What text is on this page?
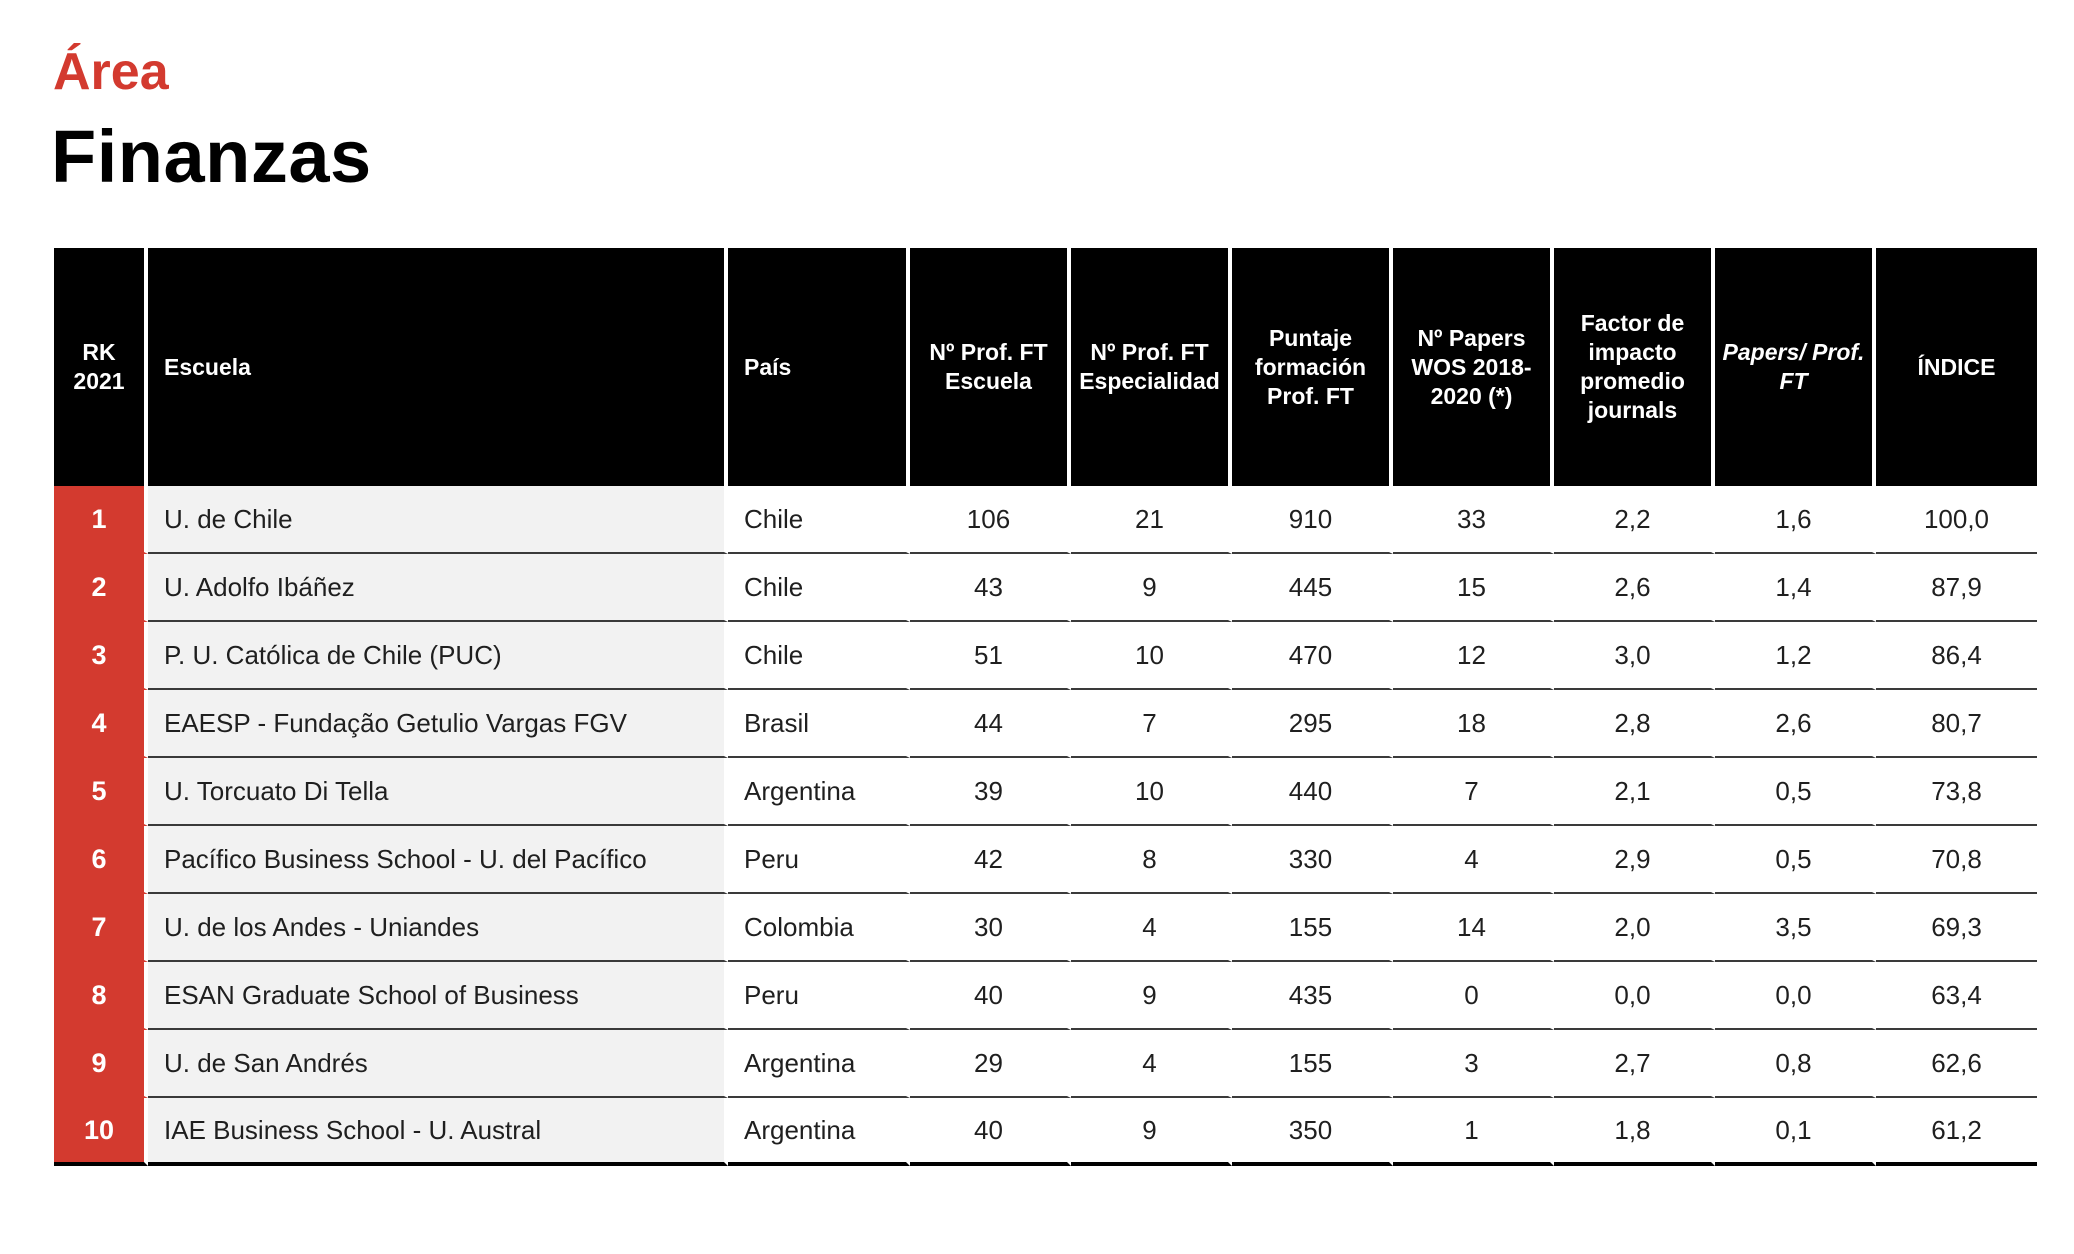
Área
Finanzas
RK 2021	Escuela	País	Nº Prof. FT Escuela	Nº Prof. FT Especialidad	Puntaje formación Prof. FT	Nº Papers WOS 2018-2020 (*)	Factor de impacto promedio journals	Papers/ Prof. FT	ÍNDICE
1	U. de Chile	Chile	106	21	910	33	2,2	1,6	100,0
2	U. Adolfo Ibáñez	Chile	43	9	445	15	2,6	1,4	87,9
3	P. U. Católica de Chile (PUC)	Chile	51	10	470	12	3,0	1,2	86,4
4	EAESP - Fundação Getulio Vargas FGV	Brasil	44	7	295	18	2,8	2,6	80,7
5	U. Torcuato Di Tella	Argentina	39	10	440	7	2,1	0,5	73,8
6	Pacífico Business School - U. del Pacífico	Peru	42	8	330	4	2,9	0,5	70,8
7	U. de los Andes - Uniandes	Colombia	30	4	155	14	2,0	3,5	69,3
8	ESAN Graduate School of Business	Peru	40	9	435	0	0,0	0,0	63,4
9	U. de San Andrés	Argentina	29	4	155	3	2,7	0,8	62,6
10	IAE Business School - U. Austral	Argentina	40	9	350	1	1,8	0,1	61,2
